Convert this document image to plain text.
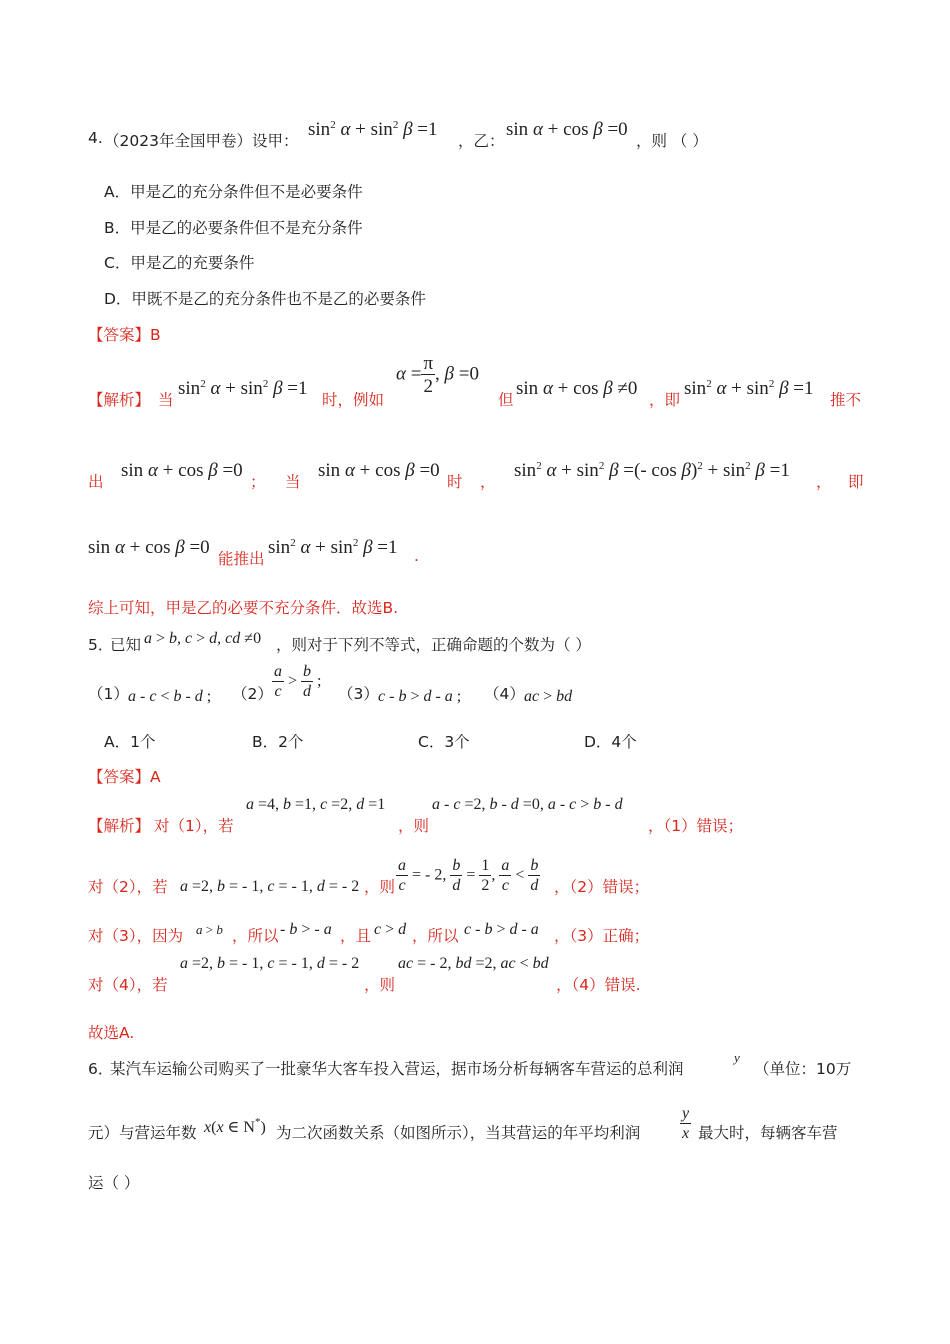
4. （2023年全国甲卷）设甲：
$\sin^2 \alpha + \sin^2 \beta =1$
，乙：
sin α + cos β =0
，则 （ ）
A．甲是乙的充分条件但不是必要条件
B．甲是乙的必要条件但不是充分条件
C．甲是乙的充要条件
D．甲既不是乙的充分条件也不是乙的必要条件
【答案】B
【解析】 当
$\sin^2 \alpha + \sin^2 \beta =1$
时，例如
$\alpha = \frac{\pi}{2}$ , β =0
但
sin α + cos β ≠0
，即
$\sin^2 \alpha + \sin^2 \beta =1$
推不
出
sin α + cos β =0
； 当
sin α + cos β =0
时 ，
$\sin^2 \alpha + \sin^2 \beta$ =(- $\cos \beta)^2 + \sin^2 \beta =1$
， 即
sin α + cos β =0
能推出
$\sin^2 \alpha + \sin^2 \beta =1$ .
综上可知，甲是乙的必要不充分条件．故选B.
5．
已知 a > b, c > d, cd ≠0 ，则对于下列不等式，正确命题的个数为（ ）
（1） a - c < b - d ; $(2) \frac{a}{c} > \frac{b}{d}$ ;
（3） c - b > d - a ; （4） ac > bd
A．1个	B．2个	C．3个	D．4个
【答案】A
【解析】 对（1），若
a =4, b =1, c =2, d =1
，则
a - c =2, b - d =0, a - c > b - d
，（1）错误；
对（2），若 a =2, b = - 1, c = - 1, d = - 2 ，则 $\frac{a}{c}$ = - 2, $\frac{b}{d} = \frac{1}{2}$ , $\frac{a}{c} < \frac{b}{d}$ ，（2）错误；
对（3），因为 a > b ，所以 - b > - a ，且 c > d ，所以 c - b > d - a ，（3）正确；
对（4），若
a =2, b = - 1, c = - 1, d = - 2
，则
ac = - 2, bd =2, ac < bd
，（4）错误.
故选A.
6．
某汽车运输公司购买了一批豪华大客车投入营运，据市场分析每辆客车营运的总利润
y
（单位：10万
元）与营运年数 x(x ∈ N*) 为二次函数关系（如图所示），当其营运的年平均利润 $\frac{y}{x}$ 最大时，每辆客车营
运（ ）
